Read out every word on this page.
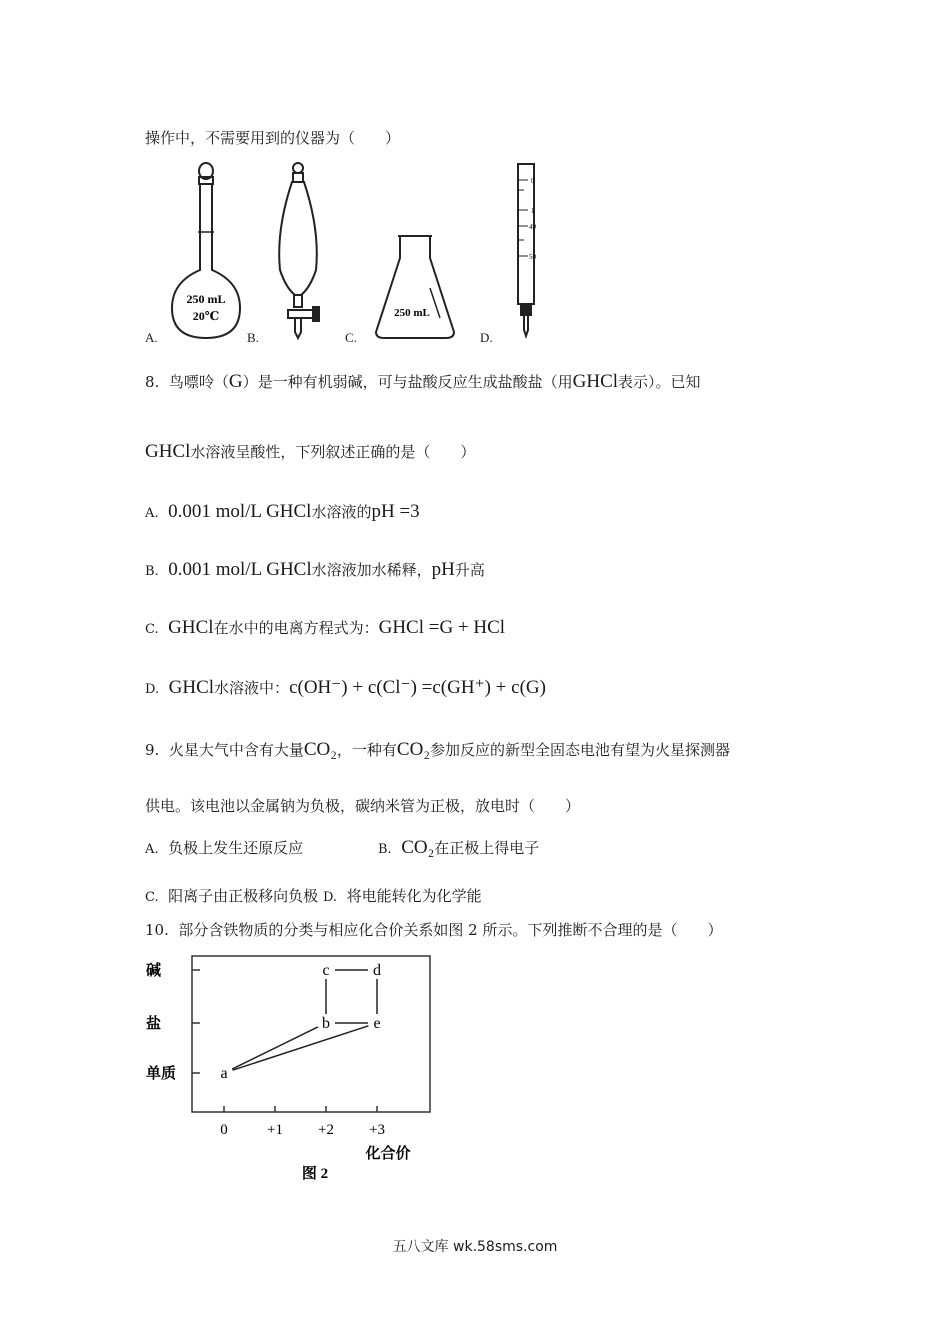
操作中，不需要用到的仪器为（　　）
250 mL
20℃
A.	B.
250 mL
C.
0
1
49
50
D.
8. 鸟嘌呤（G）是一种有机弱碱，可与盐酸反应生成盐酸盐（用GHCl表示）。已知
GHCl水溶液呈酸性，下列叙述正确的是（　　）
A. 0.001 mol/L GHCl水溶液的pH =3
B. 0.001 mol/L GHCl水溶液加水稀释，pH升高
C. GHCl在水中的电离方程式为：GHCl =G + HCl
D. GHCl水溶液中：c(OH⁻) + c(Cl⁻) =c(GH⁺) + c(G)
9. 火星大气中含有大量CO₂，一种有CO₂参加反应的新型全固态电池有望为火星探测器
供电。该电池以金属钠为负极，碳纳米管为正极，放电时（　　）
A. 负极上发生还原反应	B. CO₂在正极上得电子
C. 阳离子由正极移向负极 D. 将电能转化为化学能
10. 部分含铁物质的分类与相应化合价关系如图 2 所示。下列推断不合理的是（　　）
单质
盐
碱
0	+1 +2 +3
a
b	e
c	d
化合价
图 2
五八文库 wk.58sms.com
